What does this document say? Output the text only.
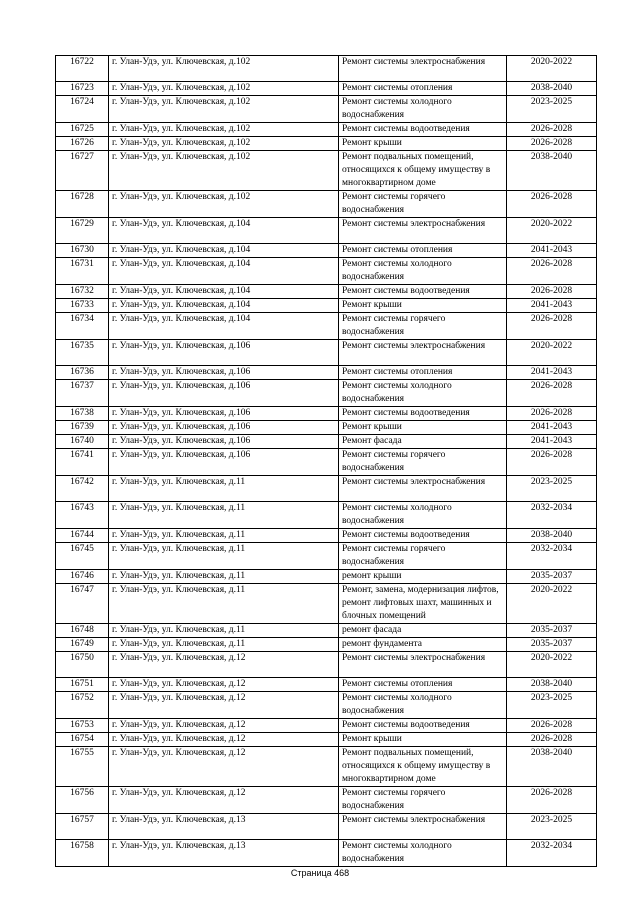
16722	г. Улан-Удэ, ул. Ключевская, д.102	Ремонт системы электроснабжения	2020-2022
16723	г. Улан-Удэ, ул. Ключевская, д.102	Ремонт системы отопления	2038-2040
16724	г. Улан-Удэ, ул. Ключевская, д.102	Ремонт системы холодного водоснабжения	2023-2025
16725	г. Улан-Удэ, ул. Ключевская, д.102	Ремонт системы водоотведения	2026-2028
16726	г. Улан-Удэ, ул. Ключевская, д.102	Ремонт крыши	2026-2028
16727	г. Улан-Удэ, ул. Ключевская, д.102	Ремонт подвальных помещений, относящихся к общему имуществу в многоквартирном доме	2038-2040
16728	г. Улан-Удэ, ул. Ключевская, д.102	Ремонт системы горячего водоснабжения	2026-2028
16729	г. Улан-Удэ, ул. Ключевская, д.104	Ремонт системы электроснабжения	2020-2022
16730	г. Улан-Удэ, ул. Ключевская, д.104	Ремонт системы отопления	2041-2043
16731	г. Улан-Удэ, ул. Ключевская, д.104	Ремонт системы холодного водоснабжения	2026-2028
16732	г. Улан-Удэ, ул. Ключевская, д.104	Ремонт системы водоотведения	2026-2028
16733	г. Улан-Удэ, ул. Ключевская, д.104	Ремонт крыши	2041-2043
16734	г. Улан-Удэ, ул. Ключевская, д.104	Ремонт системы горячего водоснабжения	2026-2028
16735	г. Улан-Удэ, ул. Ключевская, д.106	Ремонт системы электроснабжения	2020-2022
16736	г. Улан-Удэ, ул. Ключевская, д.106	Ремонт системы отопления	2041-2043
16737	г. Улан-Удэ, ул. Ключевская, д.106	Ремонт системы холодного водоснабжения	2026-2028
16738	г. Улан-Удэ, ул. Ключевская, д.106	Ремонт системы водоотведения	2026-2028
16739	г. Улан-Удэ, ул. Ключевская, д.106	Ремонт крыши	2041-2043
16740	г. Улан-Удэ, ул. Ключевская, д.106	Ремонт фасада	2041-2043
16741	г. Улан-Удэ, ул. Ключевская, д.106	Ремонт системы горячего водоснабжения	2026-2028
16742	г. Улан-Удэ, ул. Ключевская, д.11	Ремонт системы электроснабжения	2023-2025
16743	г. Улан-Удэ, ул. Ключевская, д.11	Ремонт системы холодного водоснабжения	2032-2034
16744	г. Улан-Удэ, ул. Ключевская, д.11	Ремонт системы водоотведения	2038-2040
16745	г. Улан-Удэ, ул. Ключевская, д.11	Ремонт системы горячего водоснабжения	2032-2034
16746	г. Улан-Удэ, ул. Ключевская, д.11	ремонт крыши	2035-2037
16747	г. Улан-Удэ, ул. Ключевская, д.11	Ремонт, замена, модернизация лифтов, ремонт лифтовых шахт, машинных и блочных помещений	2020-2022
16748	г. Улан-Удэ, ул. Ключевская, д.11	ремонт фасада	2035-2037
16749	г. Улан-Удэ, ул. Ключевская, д.11	ремонт фундамента	2035-2037
16750	г. Улан-Удэ, ул. Ключевская, д.12	Ремонт системы электроснабжения	2020-2022
16751	г. Улан-Удэ, ул. Ключевская, д.12	Ремонт системы отопления	2038-2040
16752	г. Улан-Удэ, ул. Ключевская, д.12	Ремонт системы холодного водоснабжения	2023-2025
16753	г. Улан-Удэ, ул. Ключевская, д.12	Ремонт системы водоотведения	2026-2028
16754	г. Улан-Удэ, ул. Ключевская, д.12	Ремонт крыши	2026-2028
16755	г. Улан-Удэ, ул. Ключевская, д.12	Ремонт подвальных помещений, относящихся к общему имуществу в многоквартирном доме	2038-2040
16756	г. Улан-Удэ, ул. Ключевская, д.12	Ремонт системы горячего водоснабжения	2026-2028
16757	г. Улан-Удэ, ул. Ключевская, д.13	Ремонт системы электроснабжения	2023-2025
16758	г. Улан-Удэ, ул. Ключевская, д.13	Ремонт системы холодного водоснабжения	2032-2034
Страница 468
